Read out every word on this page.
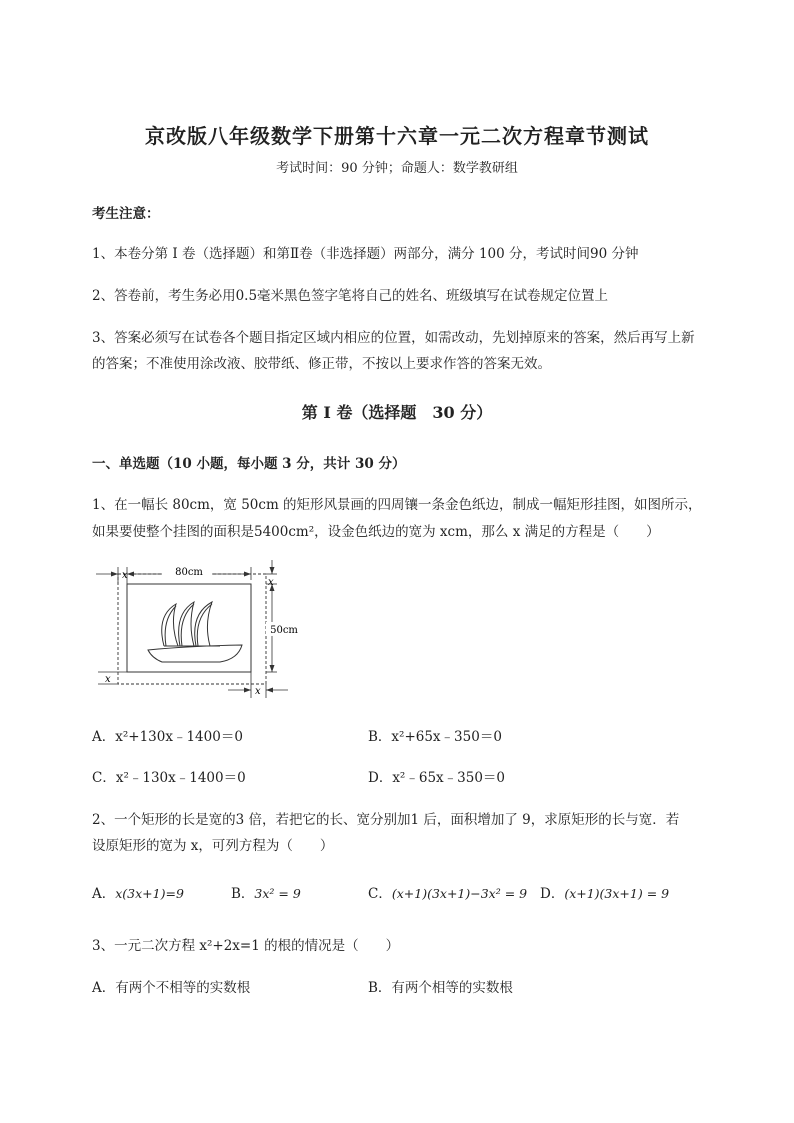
京改版八年级数学下册第十六章一元二次方程章节测试
考试时间：90 分钟；命题人：数学教研组
考生注意：
1、本卷分第 I 卷（选择题）和第Ⅱ卷（非选择题）两部分，满分 100 分，考试时间90 分钟
2、答卷前，考生务必用0.5毫米黑色签字笔将自己的姓名、班级填写在试卷规定位置上
3、答案必须写在试卷各个题目指定区域内相应的位置，如需改动，先划掉原来的答案，然后再写上新
的答案；不准使用涂改液、胶带纸、修正带，不按以上要求作答的答案无效。
第 I 卷（选择题　30 分）
一、单选题（10 小题，每小题 3 分，共计 30 分）
1、在一幅长 80cm，宽 50cm 的矩形风景画的四周镶一条金色纸边，制成一幅矩形挂图，如图所示，
如果要使整个挂图的面积是5400cm²，设金色纸边的宽为 xcm，那么 x 满足的方程是（　　）
80cm
x
50cm
x
x
x
A．x²+130x﹣1400＝0	B．x²+65x﹣350＝0
C．x²﹣130x﹣1400＝0	D．x²﹣65x﹣350＝0
2、一个矩形的长是宽的3 倍，若把它的长、宽分别加1 后，面积增加了 9，求原矩形的长与宽．若
设原矩形的宽为 x，可列方程为（　　）
A．x(3x+1)=9	B．3x² = 9	C．(x+1)(3x+1)−3x² = 9 D．(x+1)(3x+1) = 9
3、一元二次方程 x²+2x=1 的根的情况是（　　）
A．有两个不相等的实数根	B．有两个相等的实数根
